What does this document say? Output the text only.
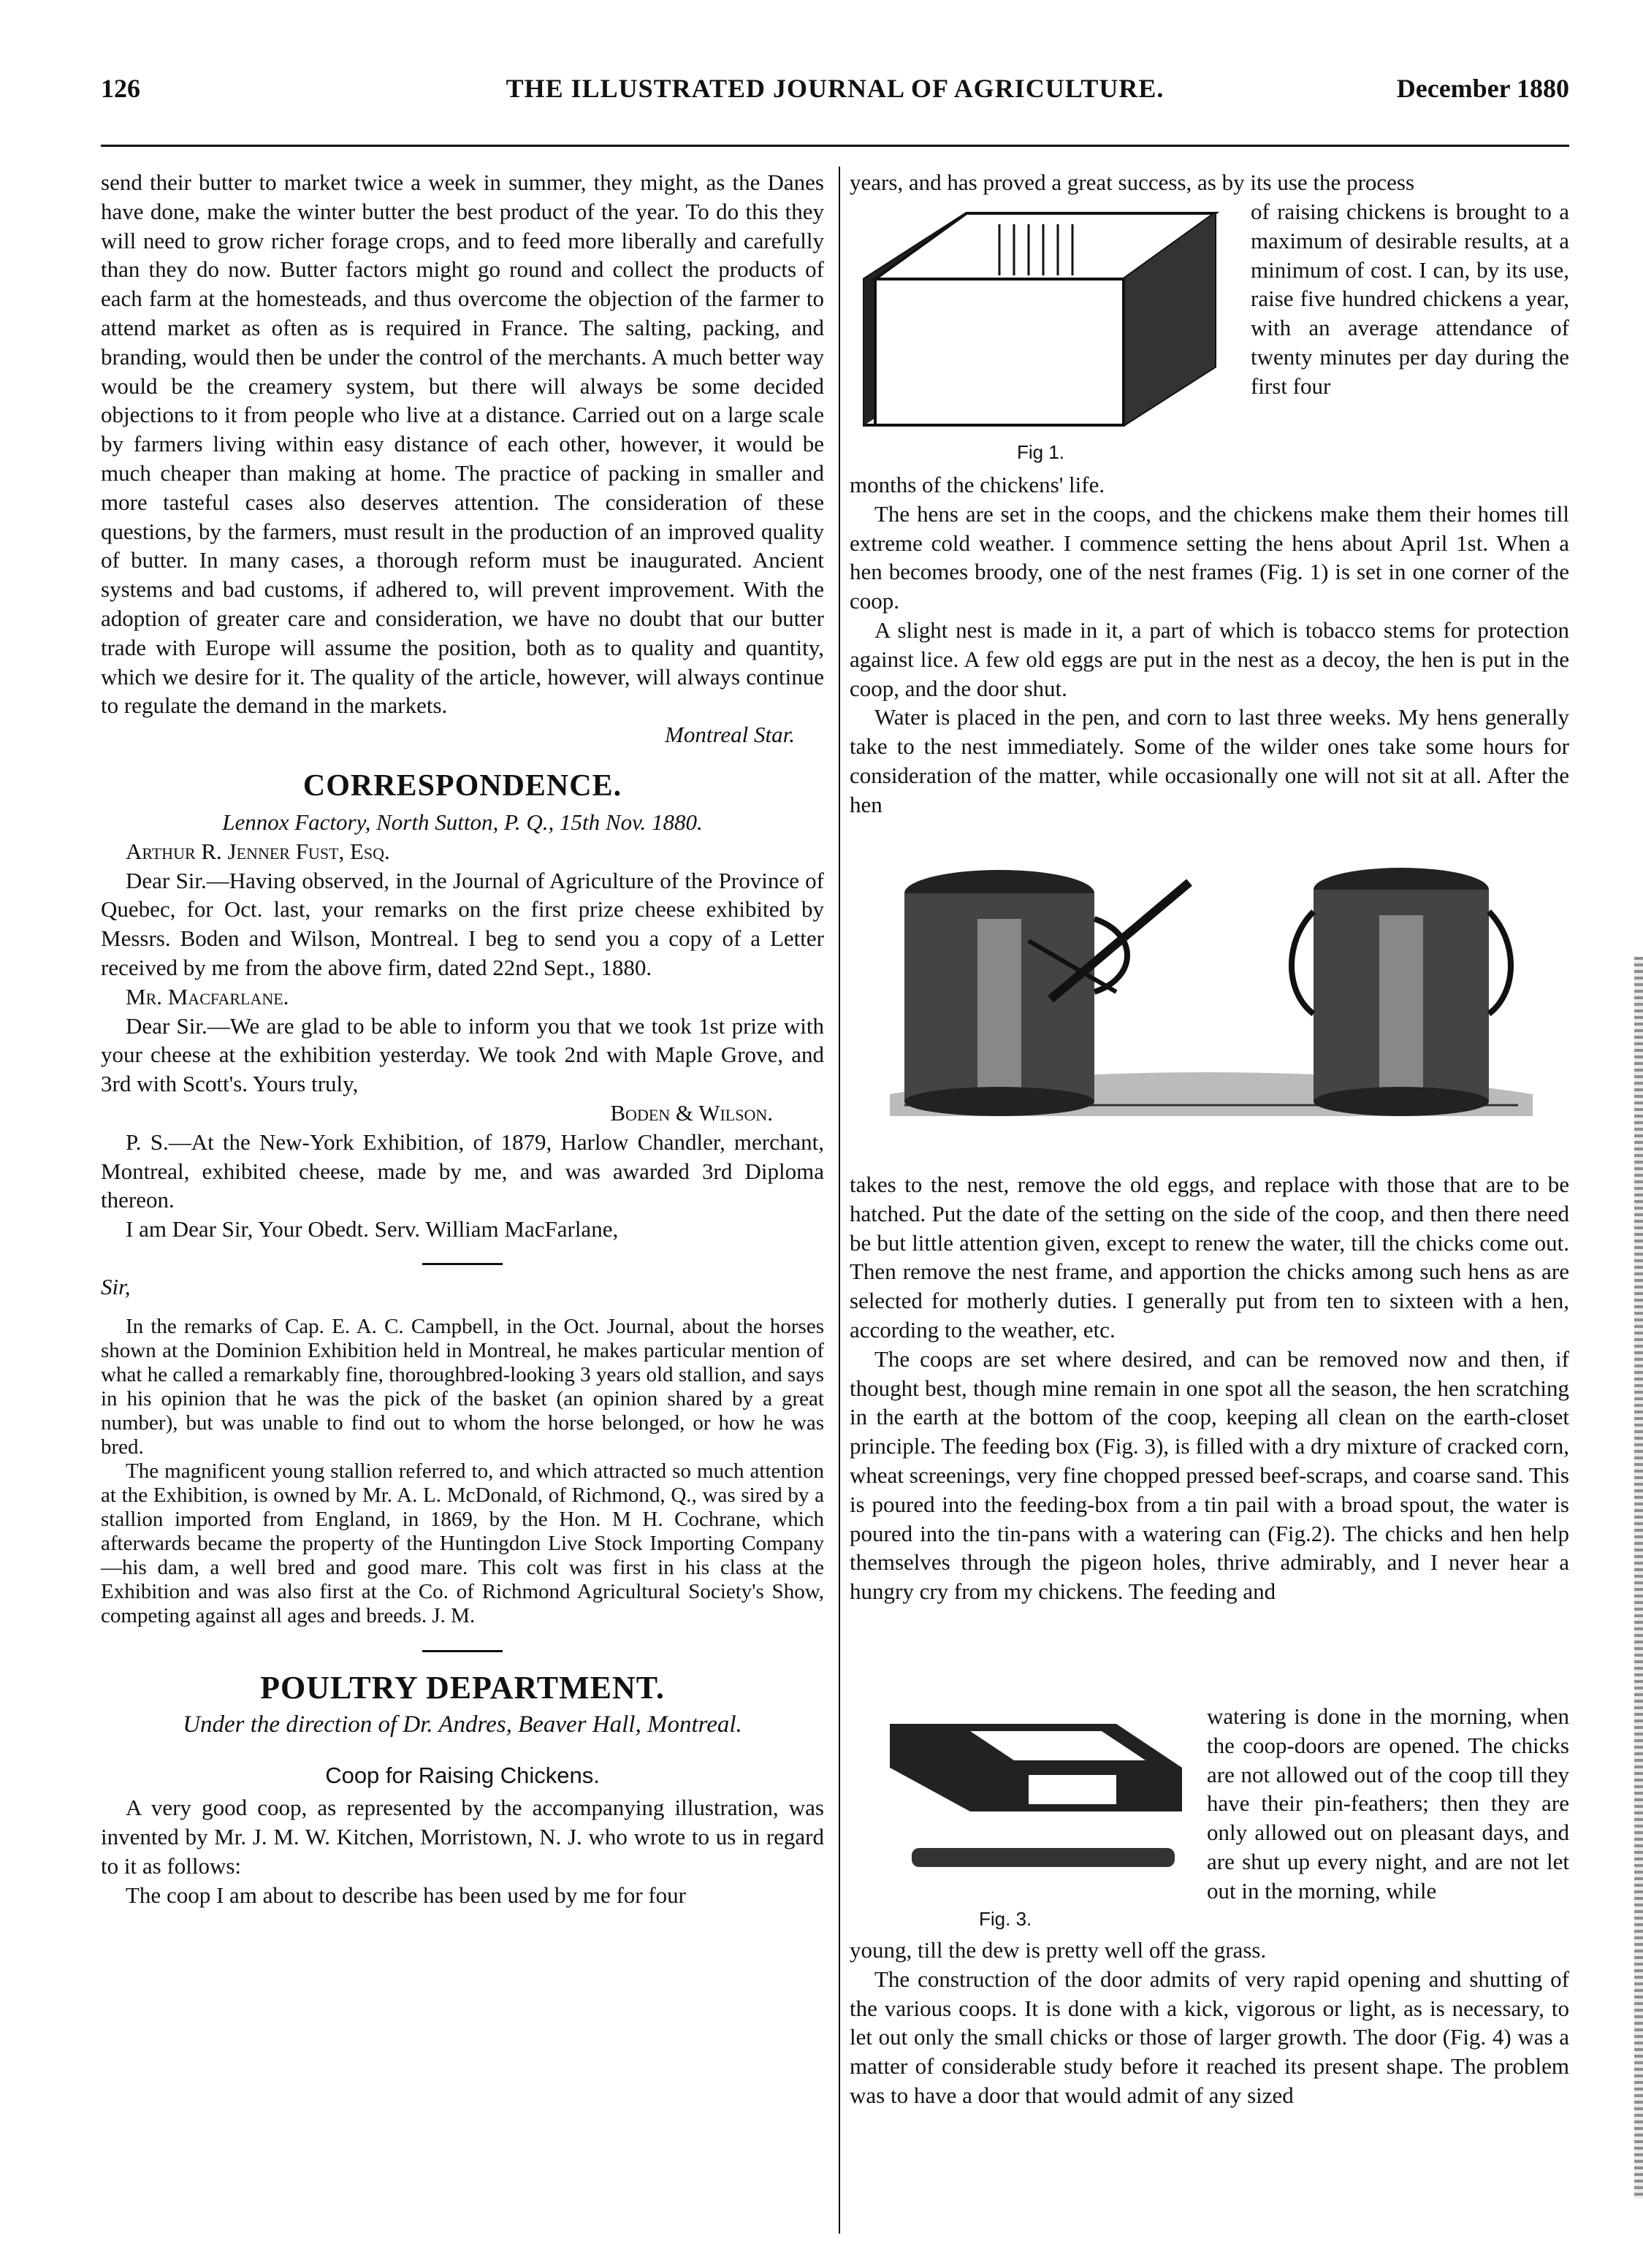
126	THE ILLUSTRATED JOURNAL OF AGRICULTURE.	December 1880

send their butter to market twice a week in summer, they might, as the Danes have done, make the winter butter the best product of the year. To do this they will need to grow richer forage crops, and to feed more liberally and carefully than they do now. Butter factors might go round and collect the products of each farm at the homesteads, and thus overcome the objection of the farmer to attend market as often as is required in France. The salting, packing, and branding, would then be under the control of the merchants. A much better way would be the creamery system, but there will always be some decided objections to it from people who live at a distance. Carried out on a large scale by farmers living within easy distance of each other, however, it would be much cheaper than making at home. The practice of packing in smaller and more tasteful cases also deserves attention. The consideration of these questions, by the farmers, must result in the production of an improved quality of butter. In many cases, a thorough reform must be inaugurated. Ancient systems and bad customs, if adhered to, will prevent improvement. With the adoption of greater care and consideration, we have no doubt that our butter trade with Europe will assume the position, both as to quality and quantity, which we desire for it. The quality of the article, however, will always continue to regulate the demand in the markets.

Montreal Star.

CORRESPONDENCE.

Lennox Factory, North Sutton, P. Q., 15th Nov. 1880.

Arthur R. Jenner Fust, Esq.

Dear Sir.—Having observed, in the Journal of Agriculture of the Province of Quebec, for Oct. last, your remarks on the first prize cheese exhibited by Messrs. Boden and Wilson, Montreal. I beg to send you a copy of a Letter received by me from the above firm, dated 22nd Sept., 1880.

Mr. Macfarlane.

Dear Sir.—We are glad to be able to inform you that we took 1st prize with your cheese at the exhibition yesterday. We took 2nd with Maple Grove, and 3rd with Scott's. Yours truly,

Boden & Wilson.

P. S.—At the New-York Exhibition, of 1879, Harlow Chandler, merchant, Montreal, exhibited cheese, made by me, and was awarded 3rd Diploma thereon.

I am Dear Sir, Your Obedt. Serv. William MacFarlane,

Sir,

In the remarks of Cap. E. A. C. Campbell, in the Oct. Journal, about the horses shown at the Dominion Exhibition held in Montreal, he makes particular mention of what he called a remarkably fine, thoroughbred-looking 3 years old stallion, and says in his opinion that he was the pick of the basket (an opinion shared by a great number), but was unable to find out to whom the horse belonged, or how he was bred.

The magnificent young stallion referred to, and which attracted so much attention at the Exhibition, is owned by Mr. A. L. McDonald, of Richmond, Q., was sired by a stallion imported from England, in 1869, by the Hon. M H. Cochrane, which afterwards became the property of the Huntingdon Live Stock Importing Company—his dam, a well bred and good mare. This colt was first in his class at the Exhibition and was also first at the Co. of Richmond Agricultural Society's Show, competing against all ages and breeds. J. M.

POULTRY DEPARTMENT.

Under the direction of Dr. Andres, Beaver Hall, Montreal.

Coop for Raising Chickens.

A very good coop, as represented by the accompanying illustration, was invented by Mr. J. M. W. Kitchen, Morristown, N. J. who wrote to us in regard to it as follows:

The coop I am about to describe has been used by me for four

years, and has proved a great success, as by its use the process

Fig 1.

of raising chickens is brought to a maximum of desirable results, at a minimum of cost. I can, by its use, raise five hundred chickens a year, with an average attendance of twenty minutes per day during the first four

months of the chickens' life.

The hens are set in the coops, and the chickens make them their homes till extreme cold weather. I commence setting the hens about April 1st. When a hen becomes broody, one of the nest frames (Fig. 1) is set in one corner of the coop.

A slight nest is made in it, a part of which is tobacco stems for protection against lice. A few old eggs are put in the nest as a decoy, the hen is put in the coop, and the door shut.

Water is placed in the pen, and corn to last three weeks. My hens generally take to the nest immediately. Some of the wilder ones take some hours for consideration of the matter, while occasionally one will not sit at all. After the hen

takes to the nest, remove the old eggs, and replace with those that are to be hatched. Put the date of the setting on the side of the coop, and then there need be but little attention given, except to renew the water, till the chicks come out. Then remove the nest frame, and apportion the chicks among such hens as are selected for motherly duties. I generally put from ten to sixteen with a hen, according to the weather, etc.

The coops are set where desired, and can be removed now and then, if thought best, though mine remain in one spot all the season, the hen scratching in the earth at the bottom of the coop, keeping all clean on the earth-closet principle. The feeding box (Fig. 3), is filled with a dry mixture of cracked corn, wheat screenings, very fine chopped pressed beef-scraps, and coarse sand. This is poured into the feeding-box from a tin pail with a broad spout, the water is poured into the tin-pans with a watering can (Fig.2). The chicks and hen help themselves through the pigeon holes, thrive admirably, and I never hear a hungry cry from my chickens. The feeding and

Fig. 3.

watering is done in the morning, when the coop-doors are opened. The chicks are not allowed out of the coop till they have their pin-feathers; then they are only allowed out on pleasant days, and are shut up every night, and are not let out in the morning, while

young, till the dew is pretty well off the grass.

The construction of the door admits of very rapid opening and shutting of the various coops. It is done with a kick, vigorous or light, as is necessary, to let out only the small chicks or those of larger growth. The door (Fig. 4) was a matter of considerable study before it reached its present shape. The problem was to have a door that would admit of any sized
